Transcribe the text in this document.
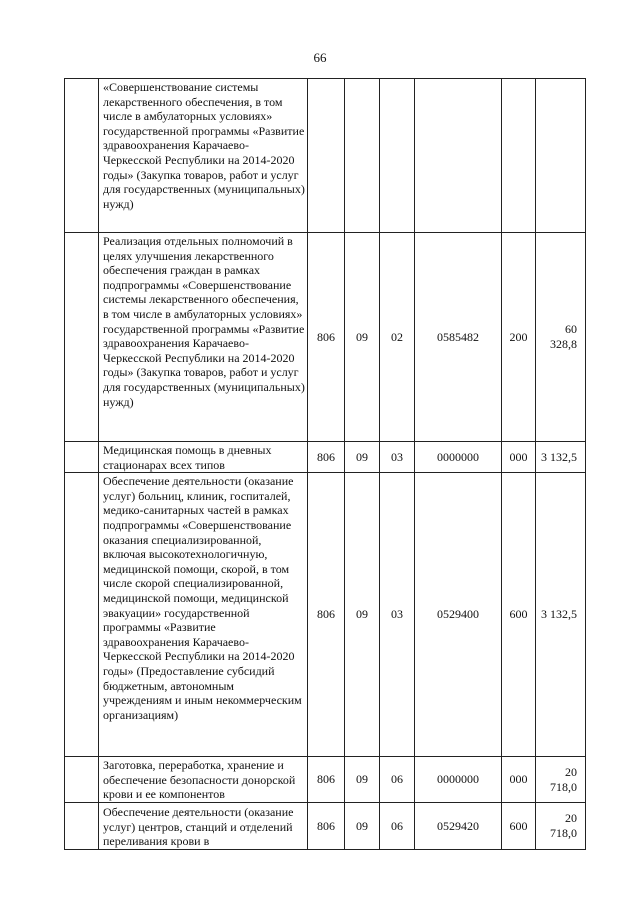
66
	«Совершенствование системы лекарственного обеспечения, в том числе в амбулаторных условиях» государственной программы «Развитие здравоохранения Карачаево-Черкесской Республики на 2014-2020 годы» (Закупка товаров, работ и услуг для государственных (муниципальных) нужд)						
	Реализация отдельных полномочий в целях улучшения лекарственного обеспечения граждан в рамках подпрограммы «Совершенствование системы лекарственного обеспечения, в том числе в амбулаторных условиях» государственной программы «Развитие здравоохранения Карачаево-Черкесской Республики на 2014-2020 годы» (Закупка товаров, работ и услуг для государственных (муниципальных) нужд)	806	09	02	0585482	200	60 328,8
	Медицинская помощь в дневных стационарах всех типов	806	09	03	0000000	000	3 132,5
	Обеспечение деятельности (оказание услуг) больниц, клиник, госпиталей, медико-санитарных частей в рамках подпрограммы «Совершенствование оказания специализированной, включая высокотехнологичную, медицинской помощи, скорой, в том числе скорой специализированной, медицинской помощи, медицинской эвакуации» государственной программы «Развитие здравоохранения Карачаево-Черкесской Республики на 2014-2020 годы» (Предоставление субсидий бюджетным, автономным учреждениям и иным некоммерческим организациям)	806	09	03	0529400	600	3 132,5
	Заготовка, переработка, хранение и обеспечение безопасности донорской крови и ее компонентов	806	09	06	0000000	000	20 718,0
	Обеспечение деятельности (оказание услуг) центров, станций и отделений переливания крови в	806	09	06	0529420	600	20 718,0
